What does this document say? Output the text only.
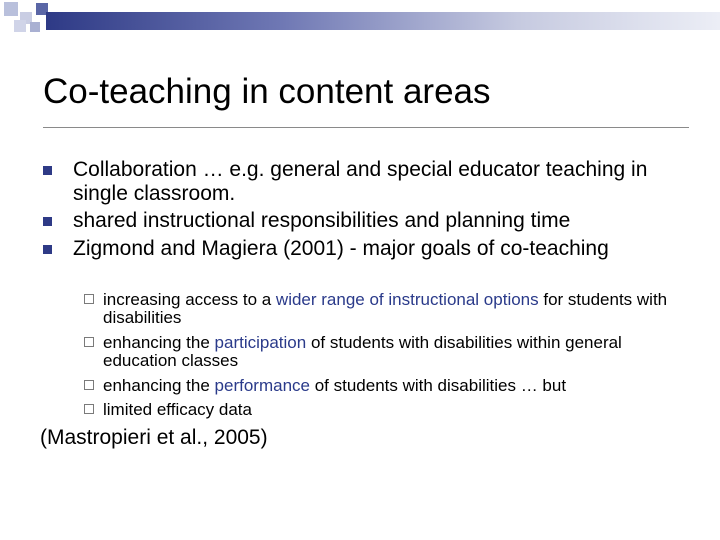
Co-teaching in content areas
Collaboration … e.g. general and special educator teaching in single classroom.
shared instructional responsibilities and planning time
Zigmond and Magiera (2001) - major goals of co-teaching
increasing access to a wider range of instructional options for students with disabilities
enhancing the participation of students with disabilities within general education classes
enhancing the performance of students with disabilities … but
limited efficacy data
(Mastropieri et al., 2005)
